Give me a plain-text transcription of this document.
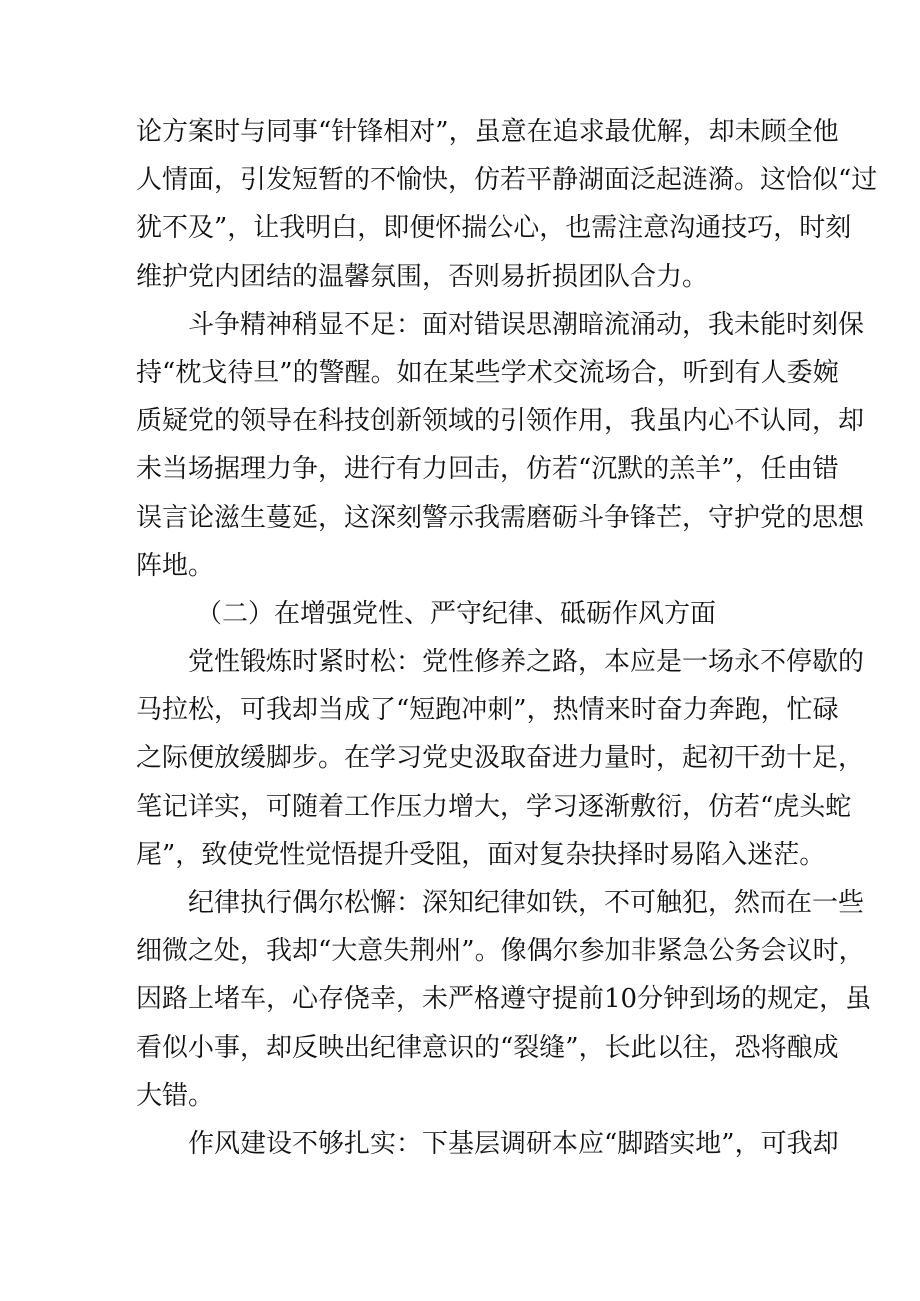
论方案时与同事“针锋相对”，虽意在追求最优解，却未顾全他
人情面，引发短暂的不愉快，仿若平静湖面泛起涟漪。这恰似“过
犹不及”，让我明白，即便怀揣公心，也需注意沟通技巧，时刻
维护党内团结的温馨氛围，否则易折损团队合力。
斗争精神稍显不足：面对错误思潮暗流涌动，我未能时刻保
持“枕戈待旦”的警醒。如在某些学术交流场合，听到有人委婉
质疑党的领导在科技创新领域的引领作用，我虽内心不认同，却
未当场据理力争，进行有力回击，仿若“沉默的羔羊”，任由错
误言论滋生蔓延，这深刻警示我需磨砺斗争锋芒，守护党的思想
阵地。
（二）在增强党性、严守纪律、砥砺作风方面
党性锻炼时紧时松：党性修养之路，本应是一场永不停歇的
马拉松，可我却当成了“短跑冲刺”，热情来时奋力奔跑，忙碌
之际便放缓脚步。在学习党史汲取奋进力量时，起初干劲十足，
笔记详实，可随着工作压力增大，学习逐渐敷衍，仿若“虎头蛇
尾”，致使党性觉悟提升受阻，面对复杂抉择时易陷入迷茫。
纪律执行偶尔松懈：深知纪律如铁，不可触犯，然而在一些
细微之处，我却“大意失荆州”。像偶尔参加非紧急公务会议时，
因路上堵车，心存侥幸，未严格遵守提前10分钟到场的规定，虽
看似小事，却反映出纪律意识的“裂缝”，长此以往，恐将酿成
大错。
作风建设不够扎实：下基层调研本应“脚踏实地”，可我却
